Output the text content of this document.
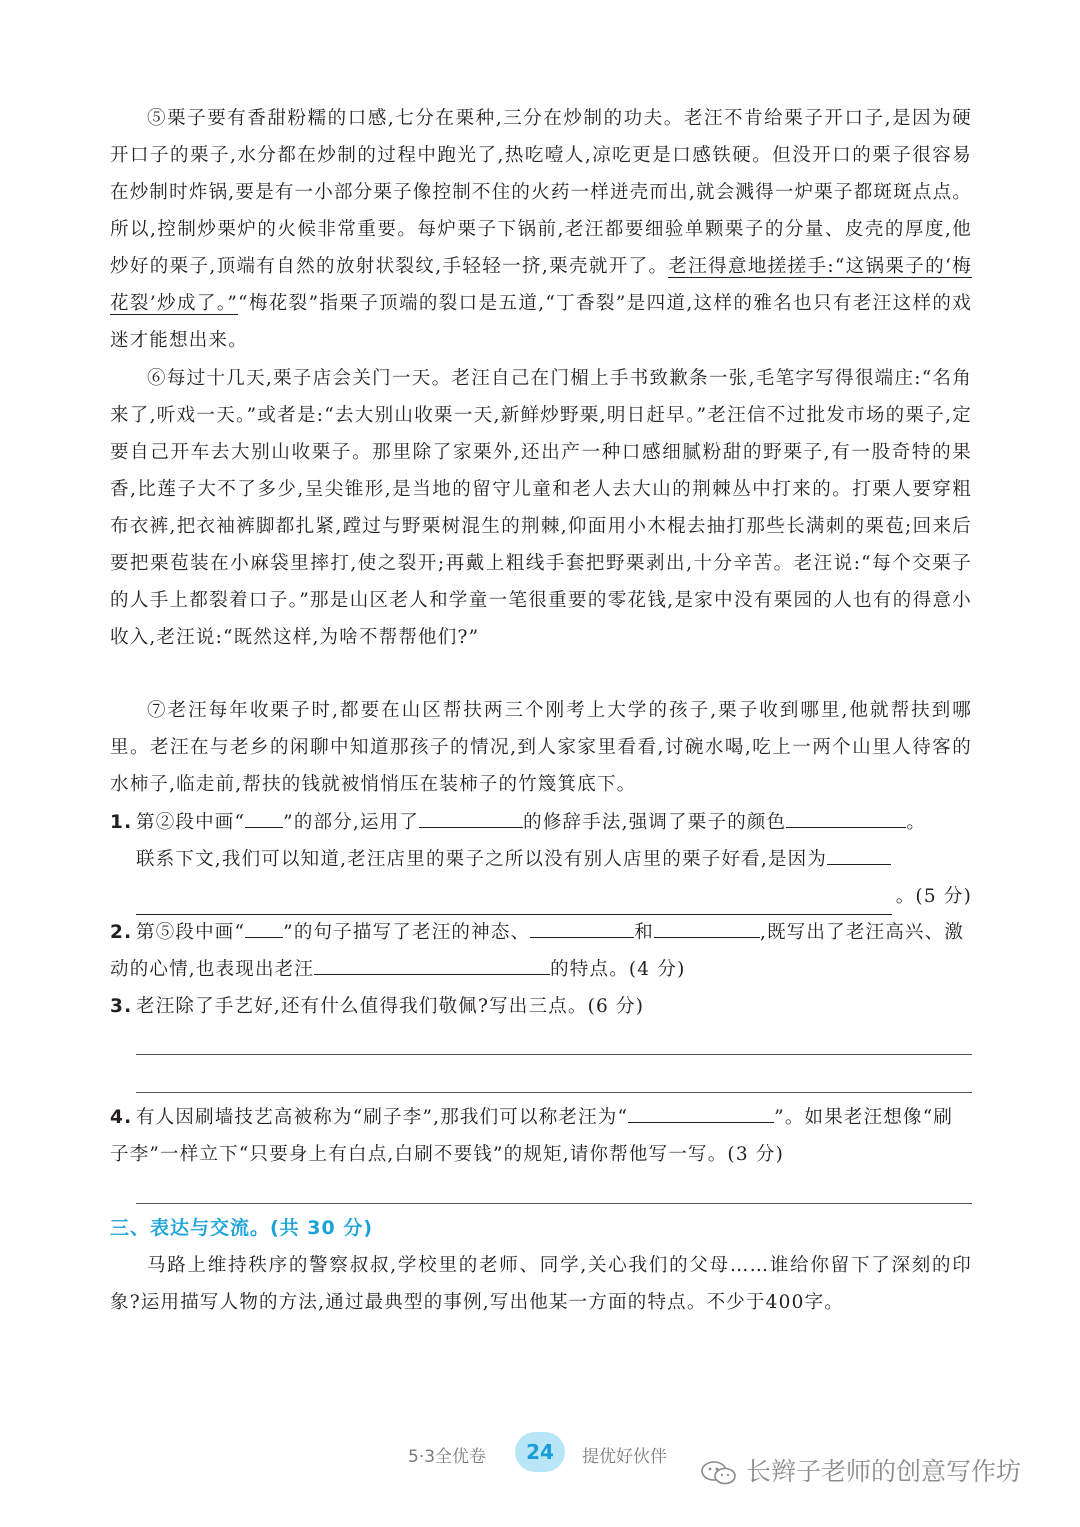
⑤栗子要有香甜粉糯的口感,七分在栗种,三分在炒制的功夫。老汪不肯给栗子开口子,是因为硬开口子的栗子,水分都在炒制的过程中跑光了,热吃噎人,凉吃更是口感铁硬。但没开口的栗子很容易在炒制时炸锅,要是有一小部分栗子像控制不住的火药一样迸壳而出,就会溅得一炉栗子都斑斑点点。所以,控制炒栗炉的火候非常重要。每炉栗子下锅前,老汪都要细验单颗栗子的分量、皮壳的厚度,他炒好的栗子,顶端有自然的放射状裂纹,手轻轻一挤,栗壳就开了。老汪得意地搓搓手:“这锅栗子的‘梅花裂’炒成了。”“梅花裂”指栗子顶端的裂口是五道,“丁香裂”是四道,这样的雅名也只有老汪这样的戏迷才能想出来。

⑥每过十几天,栗子店会关门一天。老汪自己在门楣上手书致歉条一张,毛笔字写得很端庄:“名角来了,听戏一天。”或者是:“去大别山收栗一天,新鲜炒野栗,明日赶早。”老汪信不过批发市场的栗子,定要自己开车去大别山收栗子。那里除了家栗外,还出产一种口感细腻粉甜的野栗子,有一股奇特的果香,比莲子大不了多少,呈尖锥形,是当地的留守儿童和老人去大山的荆棘丛中打来的。打栗人要穿粗布衣裤,把衣袖裤脚都扎紧,蹚过与野栗树混生的荆棘,仰面用小木棍去抽打那些长满刺的栗苞;回来后要把栗苞装在小麻袋里摔打,使之裂开;再戴上粗线手套把野栗剥出,十分辛苦。老汪说:“每个交栗子的人手上都裂着口子。”那是山区老人和学童一笔很重要的零花钱,是家中没有栗园的人也有的得意小收入,老汪说:“既然这样,为啥不帮帮他们?”

⑦老汪每年收栗子时,都要在山区帮扶两三个刚考上大学的孩子,栗子收到哪里,他就帮扶到哪里。老汪在与老乡的闲聊中知道那孩子的情况,到人家家里看看,讨碗水喝,吃上一两个山里人待客的水柿子,临走前,帮扶的钱就被悄悄压在装柿子的竹篾箕底下。

1. 第②段中画“ ”的部分,运用了	的修辞手法,强调了栗子的颜色	。
联系下文,我们可以知道,老汪店里的栗子之所以没有别人店里的栗子好看,是因为
。(5 分)
2. 第⑤段中画“ ”的句子描写了老汪的神态、	和	,既写出了老汪高兴、激动的心情,也表现出老汪	的特点。(4 分)
3. 老汪除了手艺好,还有什么值得我们敬佩?写出三点。(6 分)
4. 有人因刷墙技艺高被称为“刷子李”,那我们可以称老汪为“	”。如果老汪想像“刷子李”一样立下“只要身上有白点,白刷不要钱”的规矩,请你帮他写一写。(3 分)
三、表达与交流。(共 30 分)

马路上维持秩序的警察叔叔,学校里的老师、同学,关心我们的父母……谁给你留下了深刻的印象?运用描写人物的方法,通过最典型的事例,写出他某一方面的特点。不少于400字。

5·3全优卷	24	提优好伙伴	长辫子老师的创意写作坊
